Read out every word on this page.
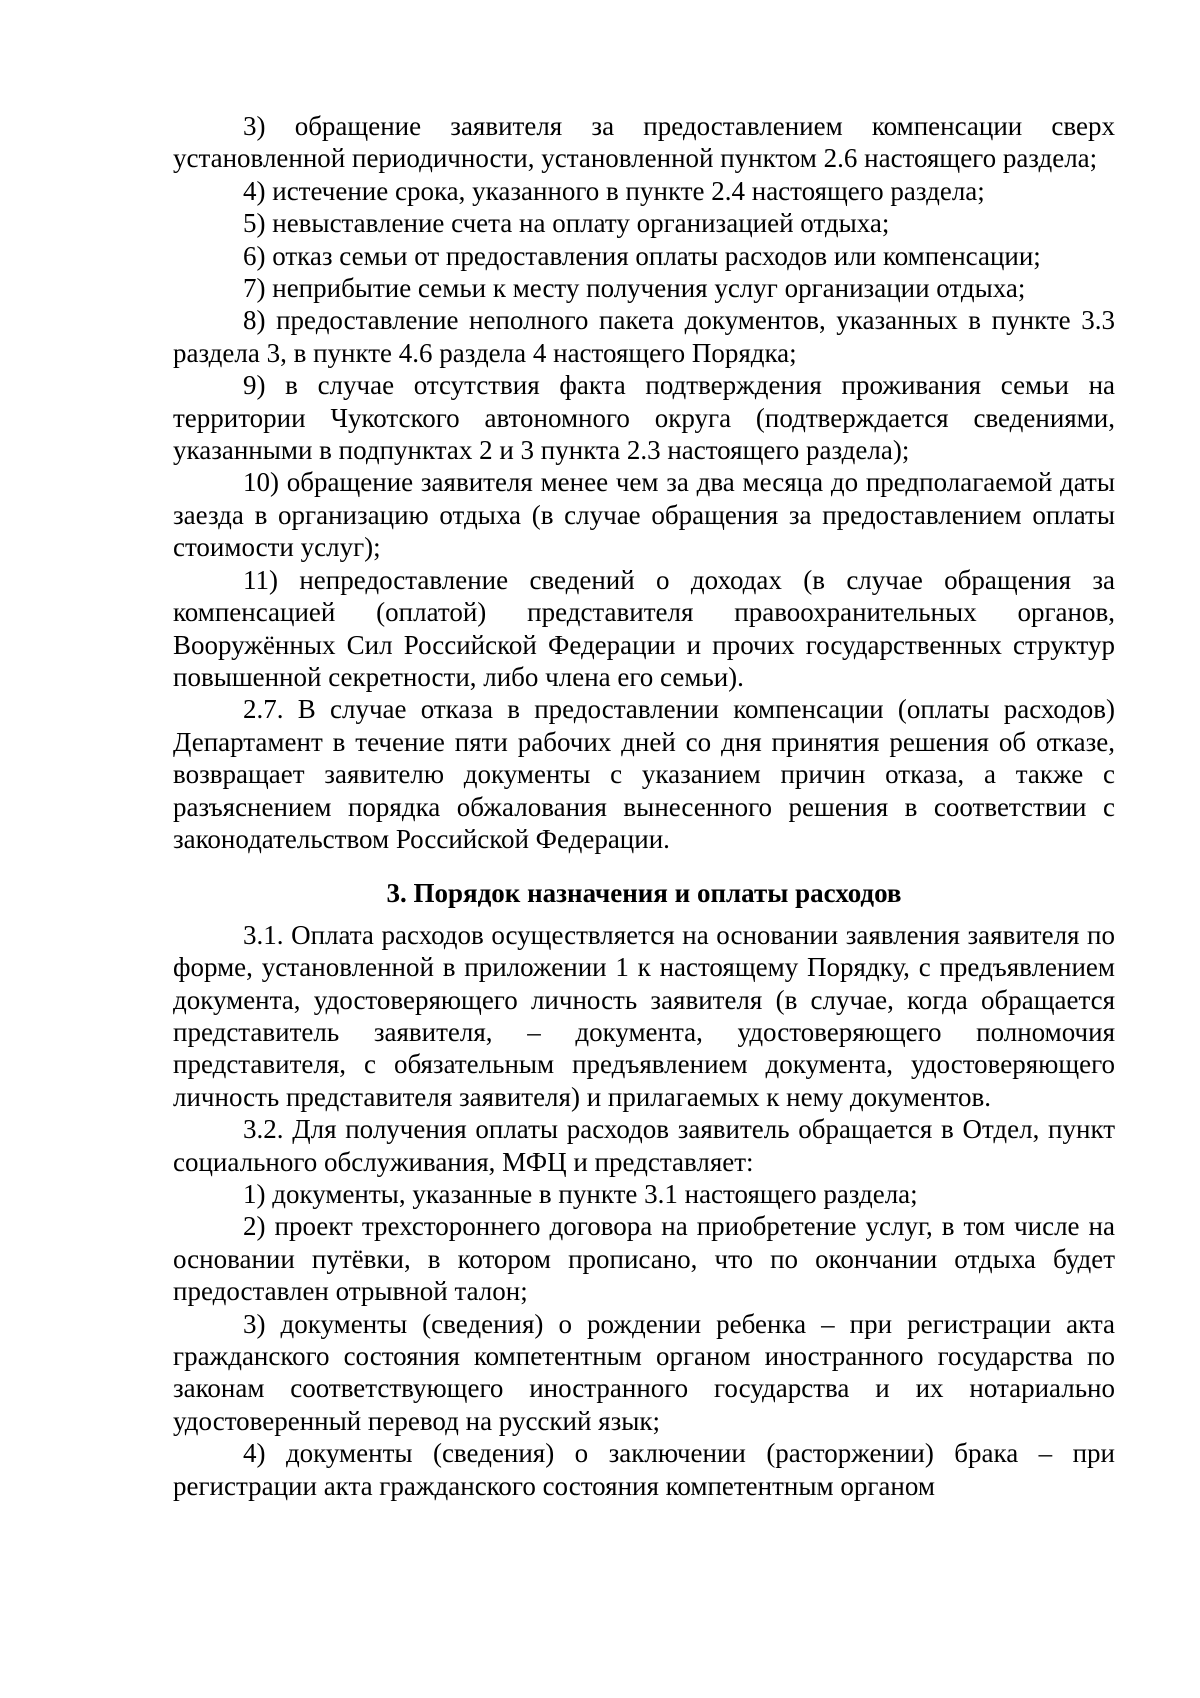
3) обращение заявителя за предоставлением компенсации сверх установленной периодичности, установленной пунктом 2.6 настоящего раздела;

4) истечение срока, указанного в пункте 2.4 настоящего раздела;

5) невыставление счета на оплату организацией отдыха;

6) отказ семьи от предоставления оплаты расходов или компенсации;

7) неприбытие семьи к месту получения услуг организации отдыха;

8) предоставление неполного пакета документов, указанных в пункте 3.3 раздела 3, в пункте 4.6 раздела 4 настоящего Порядка;

9) в случае отсутствия факта подтверждения проживания семьи на территории Чукотского автономного округа (подтверждается сведениями, указанными в подпунктах 2 и 3 пункта 2.3 настоящего раздела);

10) обращение заявителя менее чем за два месяца до предполагаемой даты заезда в организацию отдыха (в случае обращения за предоставлением оплаты стоимости услуг);

11) непредоставление сведений о доходах (в случае обращения за компенсацией (оплатой) представителя правоохранительных органов, Вооружённых Сил Российской Федерации и прочих государственных структур повышенной секретности, либо члена его семьи).

2.7. В случае отказа в предоставлении компенсации (оплаты расходов) Департамент в течение пяти рабочих дней со дня принятия решения об отказе, возвращает заявителю документы с указанием причин отказа, а также с разъяснением порядка обжалования вынесенного решения в соответствии с законодательством Российской Федерации.

3. Порядок назначения и оплаты расходов

3.1. Оплата расходов осуществляется на основании заявления заявителя по форме, установленной в приложении 1 к настоящему Порядку, с предъявлением документа, удостоверяющего личность заявителя (в случае, когда обращается представитель заявителя, – документа, удостоверяющего полномочия представителя, с обязательным предъявлением документа, удостоверяющего личность представителя заявителя) и прилагаемых к нему документов.

3.2. Для получения оплаты расходов заявитель обращается в Отдел, пункт социального обслуживания, МФЦ и представляет:

1) документы, указанные в пункте 3.1 настоящего раздела;

2) проект трехстороннего договора на приобретение услуг, в том числе на основании путёвки, в котором прописано, что по окончании отдыха будет предоставлен отрывной талон;

3) документы (сведения) о рождении ребенка – при регистрации акта гражданского состояния компетентным органом иностранного государства по законам соответствующего иностранного государства и их нотариально удостоверенный перевод на русский язык;

4) документы (сведения) о заключении (расторжении) брака – при регистрации акта гражданского состояния компетентным органом
